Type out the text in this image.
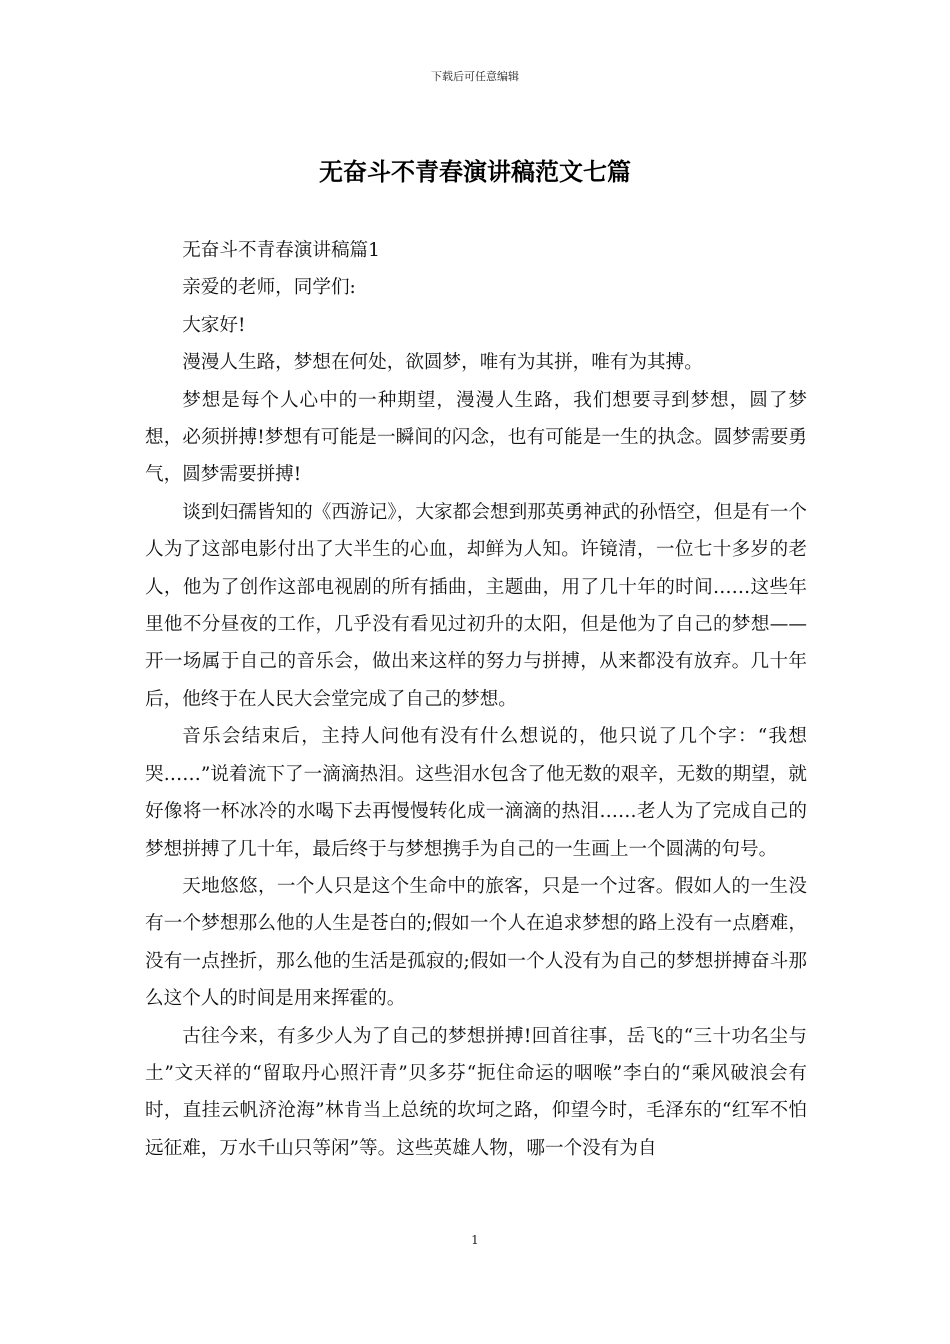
下载后可任意编辑
无奋斗不青春演讲稿范文七篇

无奋斗不青春演讲稿篇1

亲爱的老师，同学们:

大家好!

漫漫人生路，梦想在何处，欲圆梦，唯有为其拼，唯有为其搏。

梦想是每个人心中的一种期望，漫漫人生路，我们想要寻到梦想，圆了梦想，必须拼搏!梦想有可能是一瞬间的闪念，也有可能是一生的执念。圆梦需要勇气，圆梦需要拼搏!

谈到妇孺皆知的《西游记》，大家都会想到那英勇神武的孙悟空，但是有一个人为了这部电影付出了大半生的心血，却鲜为人知。许镜清，一位七十多岁的老人，他为了创作这部电视剧的所有插曲，主题曲，用了几十年的时间……这些年里他不分昼夜的工作，几乎没有看见过初升的太阳，但是他为了自己的梦想——开一场属于自己的音乐会，做出来这样的努力与拼搏，从来都没有放弃。几十年后，他终于在人民大会堂完成了自己的梦想。

音乐会结束后，主持人问他有没有什么想说的，他只说了几个字：“我想哭……”说着流下了一滴滴热泪。这些泪水包含了他无数的艰辛，无数的期望，就好像将一杯冰冷的水喝下去再慢慢转化成一滴滴的热泪……老人为了完成自己的梦想拼搏了几十年，最后终于与梦想携手为自己的一生画上一个圆满的句号。

天地悠悠，一个人只是这个生命中的旅客，只是一个过客。假如人的一生没有一个梦想那么他的人生是苍白的;假如一个人在追求梦想的路上没有一点磨难，没有一点挫折，那么他的生活是孤寂的;假如一个人没有为自己的梦想拼搏奋斗那么这个人的时间是用来挥霍的。

古往今来，有多少人为了自己的梦想拼搏!回首往事，岳飞的“三十功名尘与土”文天祥的“留取丹心照汗青”贝多芬“扼住命运的咽喉”李白的“乘风破浪会有时，直挂云帆济沧海”林肯当上总统的坎坷之路，仰望今时，毛泽东的“红军不怕远征难，万水千山只等闲”等。这些英雄人物，哪一个没有为自

1
